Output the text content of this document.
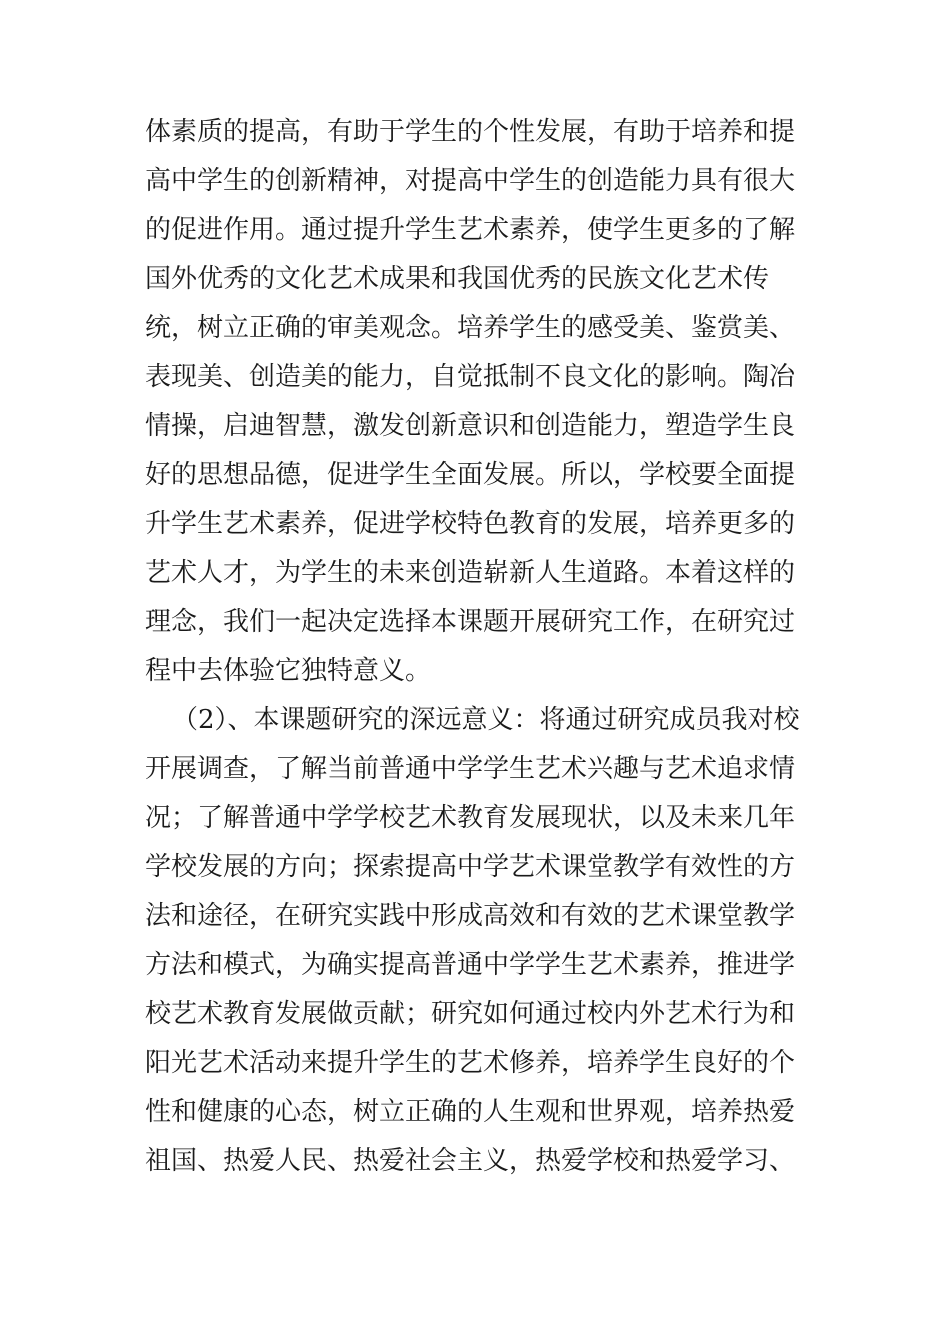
体素质的提高，有助于学生的个性发展，有助于培养和提
高中学生的创新精神，对提高中学生的创造能力具有很大
的促进作用。通过提升学生艺术素养，使学生更多的了解
国外优秀的文化艺术成果和我国优秀的民族文化艺术传
统，树立正确的审美观念。培养学生的感受美、鉴赏美、
表现美、创造美的能力，自觉抵制不良文化的影响。陶冶
情操，启迪智慧，激发创新意识和创造能力，塑造学生良
好的思想品德，促进学生全面发展。所以，学校要全面提
升学生艺术素养，促进学校特色教育的发展，培养更多的
艺术人才，为学生的未来创造崭新人生道路。本着这样的
理念，我们一起决定选择本课题开展研究工作，在研究过
程中去体验它独特意义。
（2）、本课题研究的深远意义：将通过研究成员我对校
开展调查，了解当前普通中学学生艺术兴趣与艺术追求情
况；了解普通中学学校艺术教育发展现状，以及未来几年
学校发展的方向；探索提高中学艺术课堂教学有效性的方
法和途径，在研究实践中形成高效和有效的艺术课堂教学
方法和模式，为确实提高普通中学学生艺术素养，推进学
校艺术教育发展做贡献；研究如何通过校内外艺术行为和
阳光艺术活动来提升学生的艺术修养，培养学生良好的个
性和健康的心态，树立正确的人生观和世界观，培养热爱
祖国、热爱人民、热爱社会主义，热爱学校和热爱学习、
